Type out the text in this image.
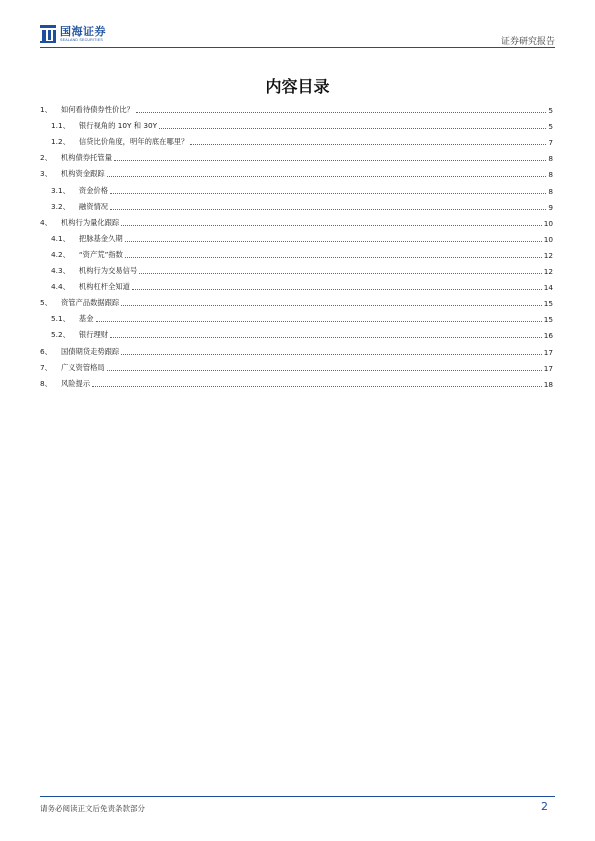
国海证券
SEALAND SECURITIES	证券研究报告
内容目录
1、 如何看待债券性价比？	5
1.1、 银行视角的 10Y 和 30Y	5
1.2、 信贷比价角度，明年的底在哪里？	7
2、 机构债券托管量	8
3、 机构资金跟踪	8
3.1、 资金价格	8
3.2、 融资情况	9
4、 机构行为量化跟踪	10
4.1、 把脉基金久期	10
4.2、 “资产荒”指数	12
4.3、 机构行为交易信号	12
4.4、 机构杠杆全知道	14
5、 资管产品数据跟踪	15
5.1、 基金	15
5.2、 银行理财	16
6、 国债期货走势跟踪	17
7、 广义资管格局	17
8、 风险提示	18
请务必阅读正文后免责条款部分	2
